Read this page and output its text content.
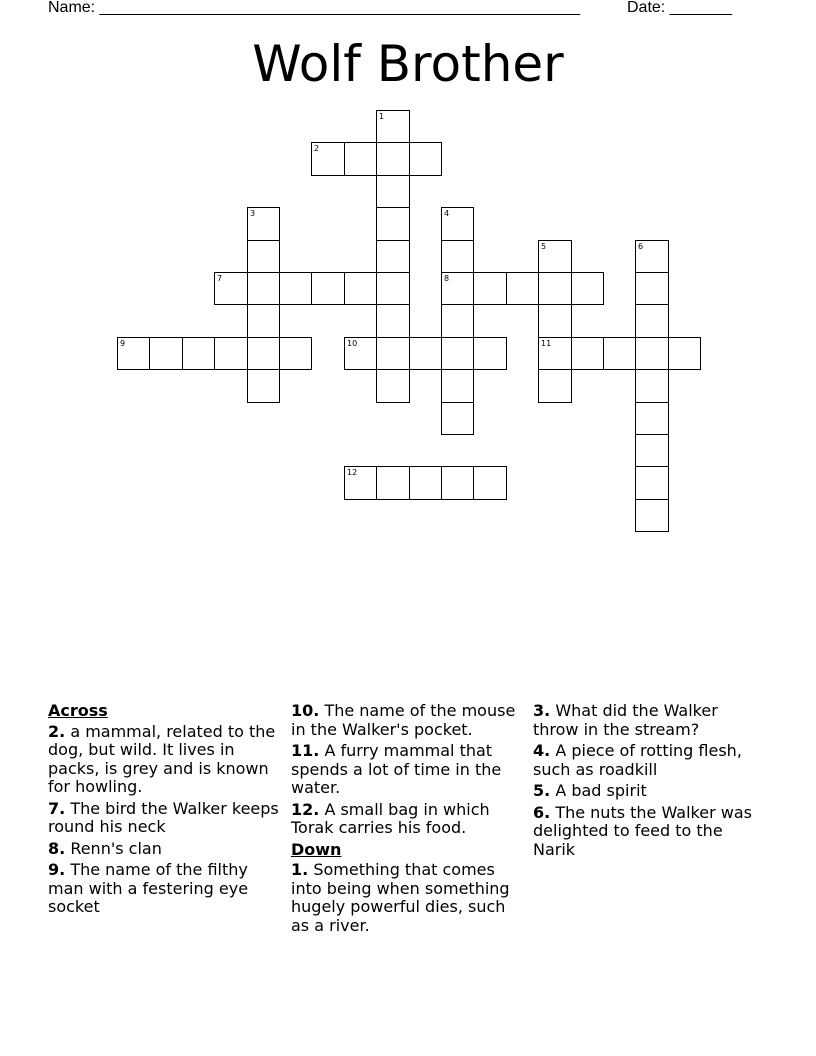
Name: ______________________________________________________	Date: _______
Wolf Brother
2
7	8
9	10	11
12
1
3	4
5	6
Across
2. a mammal, related to the dog, but wild. It lives in packs, is grey and is known for howling.
7. The bird the Walker keeps round his neck
8. Renn's clan
9. The name of the filthy man with a festering eye socket
10. The name of the mouse in the Walker's pocket.
11. A furry mammal that spends a lot of time in the water.
12. A small bag in which Torak carries his food.
Down
1. Something that comes into being when something hugely powerful dies, such as a river.
3. What did the Walker throw in the stream?
4. A piece of rotting flesh, such as roadkill
5. A bad spirit
6. The nuts the Walker was delighted to feed to the Narik
